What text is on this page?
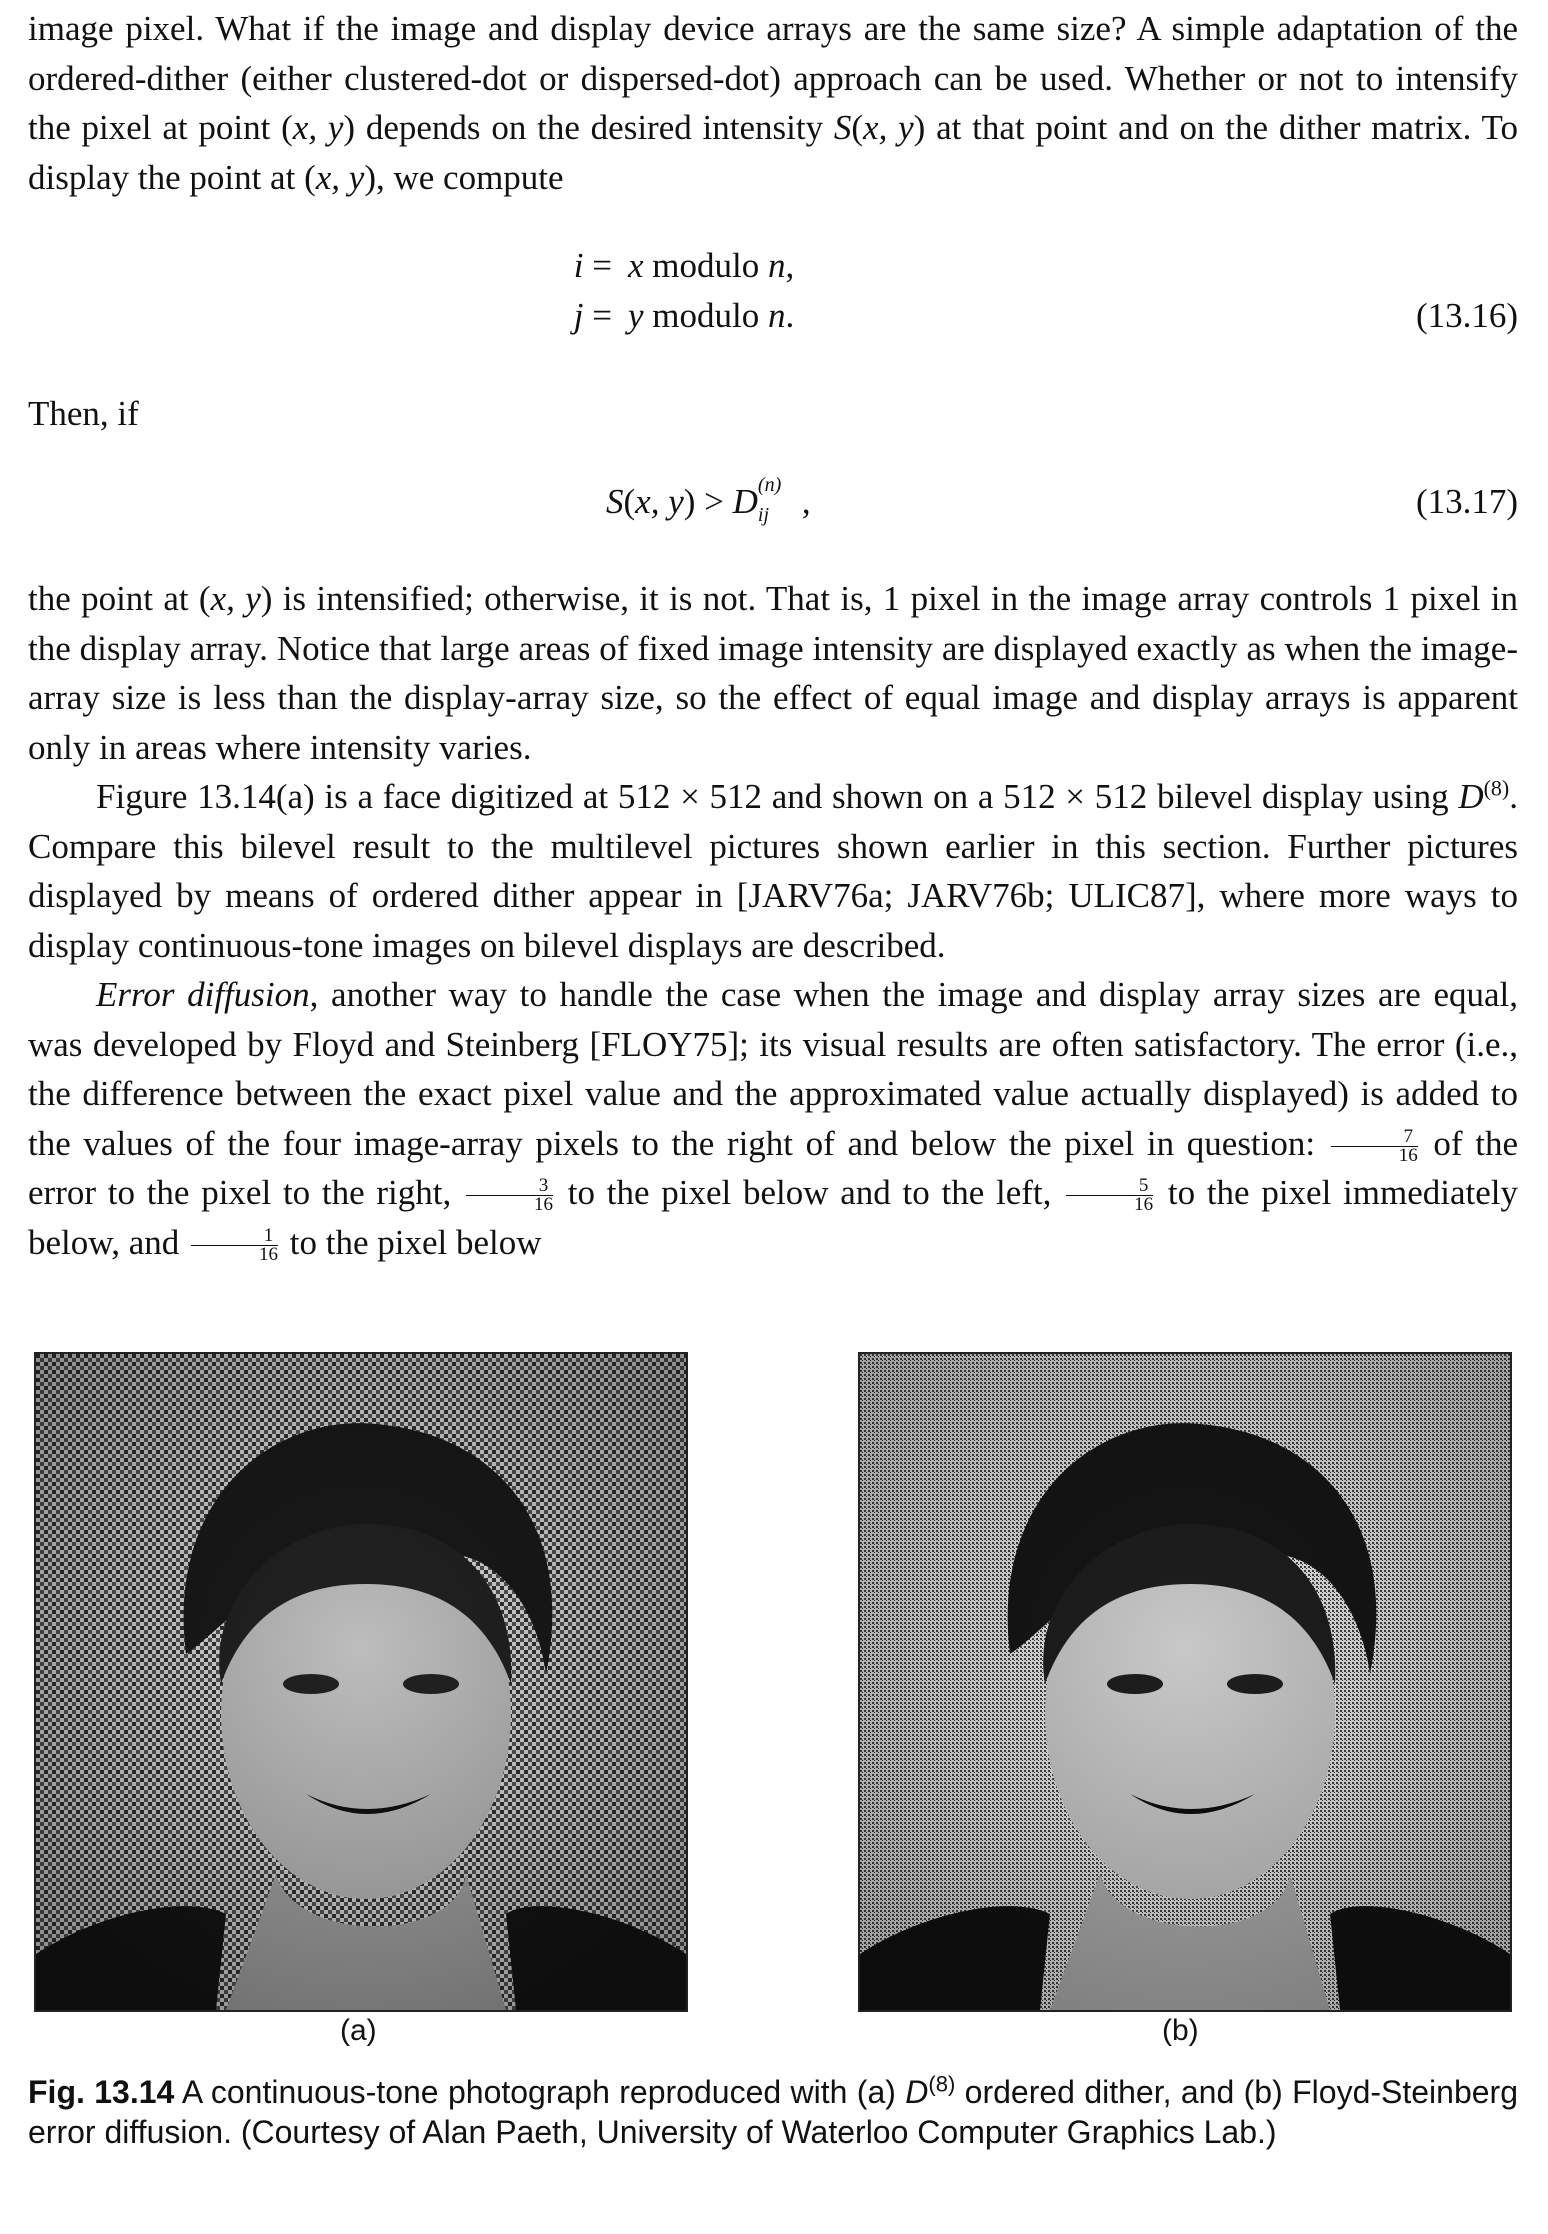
image pixel. What if the image and display device arrays are the same size? A simple adaptation of the ordered-dither (either clustered-dot or dispersed-dot) approach can be used. Whether or not to intensify the pixel at point (x, y) depends on the desired intensity S(x, y) at that point and on the dither matrix. To display the point at (x, y), we compute

i = x modulo n,
j = y modulo n.	(13.16)
Then, if
S(x, y) > D (n)
ij ,	(13.17)

the point at (x, y) is intensified; otherwise, it is not. That is, 1 pixel in the image array controls 1 pixel in the display array. Notice that large areas of fixed image intensity are displayed exactly as when the image-array size is less than the display-array size, so the effect of equal image and display arrays is apparent only in areas where intensity varies.

Figure 13.14(a) is a face digitized at 512 × 512 and shown on a 512 × 512 bilevel display using $D^{(8)}$. Compare this bilevel result to the multilevel pictures shown earlier in this section. Further pictures displayed by means of ordered dither appear in [JARV76a; JARV76b; ULIC87], where more ways to display continuous-tone images on bilevel displays are described.

Error diffusion, another way to handle the case when the image and display array sizes are equal, was developed by Floyd and Steinberg [FLOY75]; its visual results are often satisfactory. The error (i.e., the difference between the exact pixel value and the approximated value actually displayed) is added to the values of the four image-array pixels to the right of and below the pixel in question: $\frac{7}{16}$ of the error to the pixel to the right, $\frac{3}{16}$ to the pixel below and to the left, $\frac{5}{16}$ to the pixel immediately below, and $\frac{1}{16}$ to the pixel below

(a)	(b)
Fig. 13.14 A continuous-tone photograph reproduced with (a) $D^{(8)}$ ordered dither, and (b) Floyd-Steinberg error diffusion. (Courtesy of Alan Paeth, University of Waterloo Computer Graphics Lab.)
